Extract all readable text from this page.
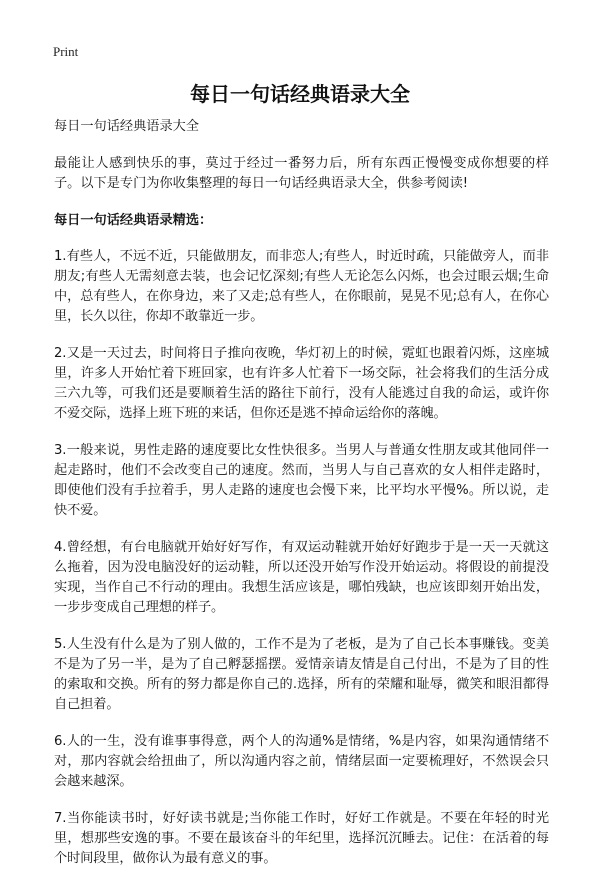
Print
每日一句话经典语录大全

每日一句话经典语录大全

最能让人感到快乐的事，莫过于经过一番努力后，所有东西正慢慢变成你想要的样子。以下是专门为你收集整理的每日一句话经典语录大全，供参考阅读!

每日一句话经典语录精选：

1.有些人，不远不近，只能做朋友，而非恋人;有些人，时近时疏，只能做旁人，而非朋友;有些人无需刻意去装，也会记忆深刻;有些人无论怎么闪烁，也会过眼云烟;生命中，总有些人，在你身边，来了又走;总有些人，在你眼前，晃晃不见;总有人，在你心里，长久以往，你却不敢靠近一步。

2.又是一天过去，时间将日子推向夜晚，华灯初上的时候，霓虹也跟着闪烁，这座城里，许多人开始忙着下班回家，也有许多人忙着下一场交际，社会将我们的生活分成三六九等，可我们还是要顺着生活的路往下前行，没有人能逃过自我的命运，或许你不爱交际，选择上班下班的来话，但你还是逃不掉命运给你的落魄。

3.一般来说，男性走路的速度要比女性快很多。当男人与普通女性朋友或其他同伴一起走路时，他们不会改变自己的速度。然而，当男人与自己喜欢的女人相伴走路时，即使他们没有手拉着手，男人走路的速度也会慢下来，比平均水平慢%。所以说，走快不爱。

4.曾经想，有台电脑就开始好好写作，有双运动鞋就开始好好跑步于是一天一天就这么拖着，因为没电脑没好的运动鞋，所以还没开始写作没开始运动。将假设的前提没实现，当作自己不行动的理由。我想生活应该是，哪怕残缺，也应该即刻开始出发，一步步变成自己理想的样子。

5.人生没有什么是为了别人做的，工作不是为了老板，是为了自己长本事赚钱。变美不是为了另一半，是为了自己孵瑟摇摆。爱情亲请友情是自己付出，不是为了目的性的索取和交换。所有的努力都是你自己的.选择，所有的荣耀和耻辱，微笑和眼泪都得自己担着。

6.人的一生，没有谁事事得意，两个人的沟通%是情绪，%是内容，如果沟通情绪不对，那内容就会给扭曲了，所以沟通内容之前，情绪层面一定要梳理好，不然误会只会越来越深。

7.当你能读书时，好好读书就是;当你能工作时，好好工作就是。不要在年轻的时光里，想那些安逸的事。不要在最该奋斗的年纪里，选择沉沉睡去。记住：在活着的每个时间段里，做你认为最有意义的事。
